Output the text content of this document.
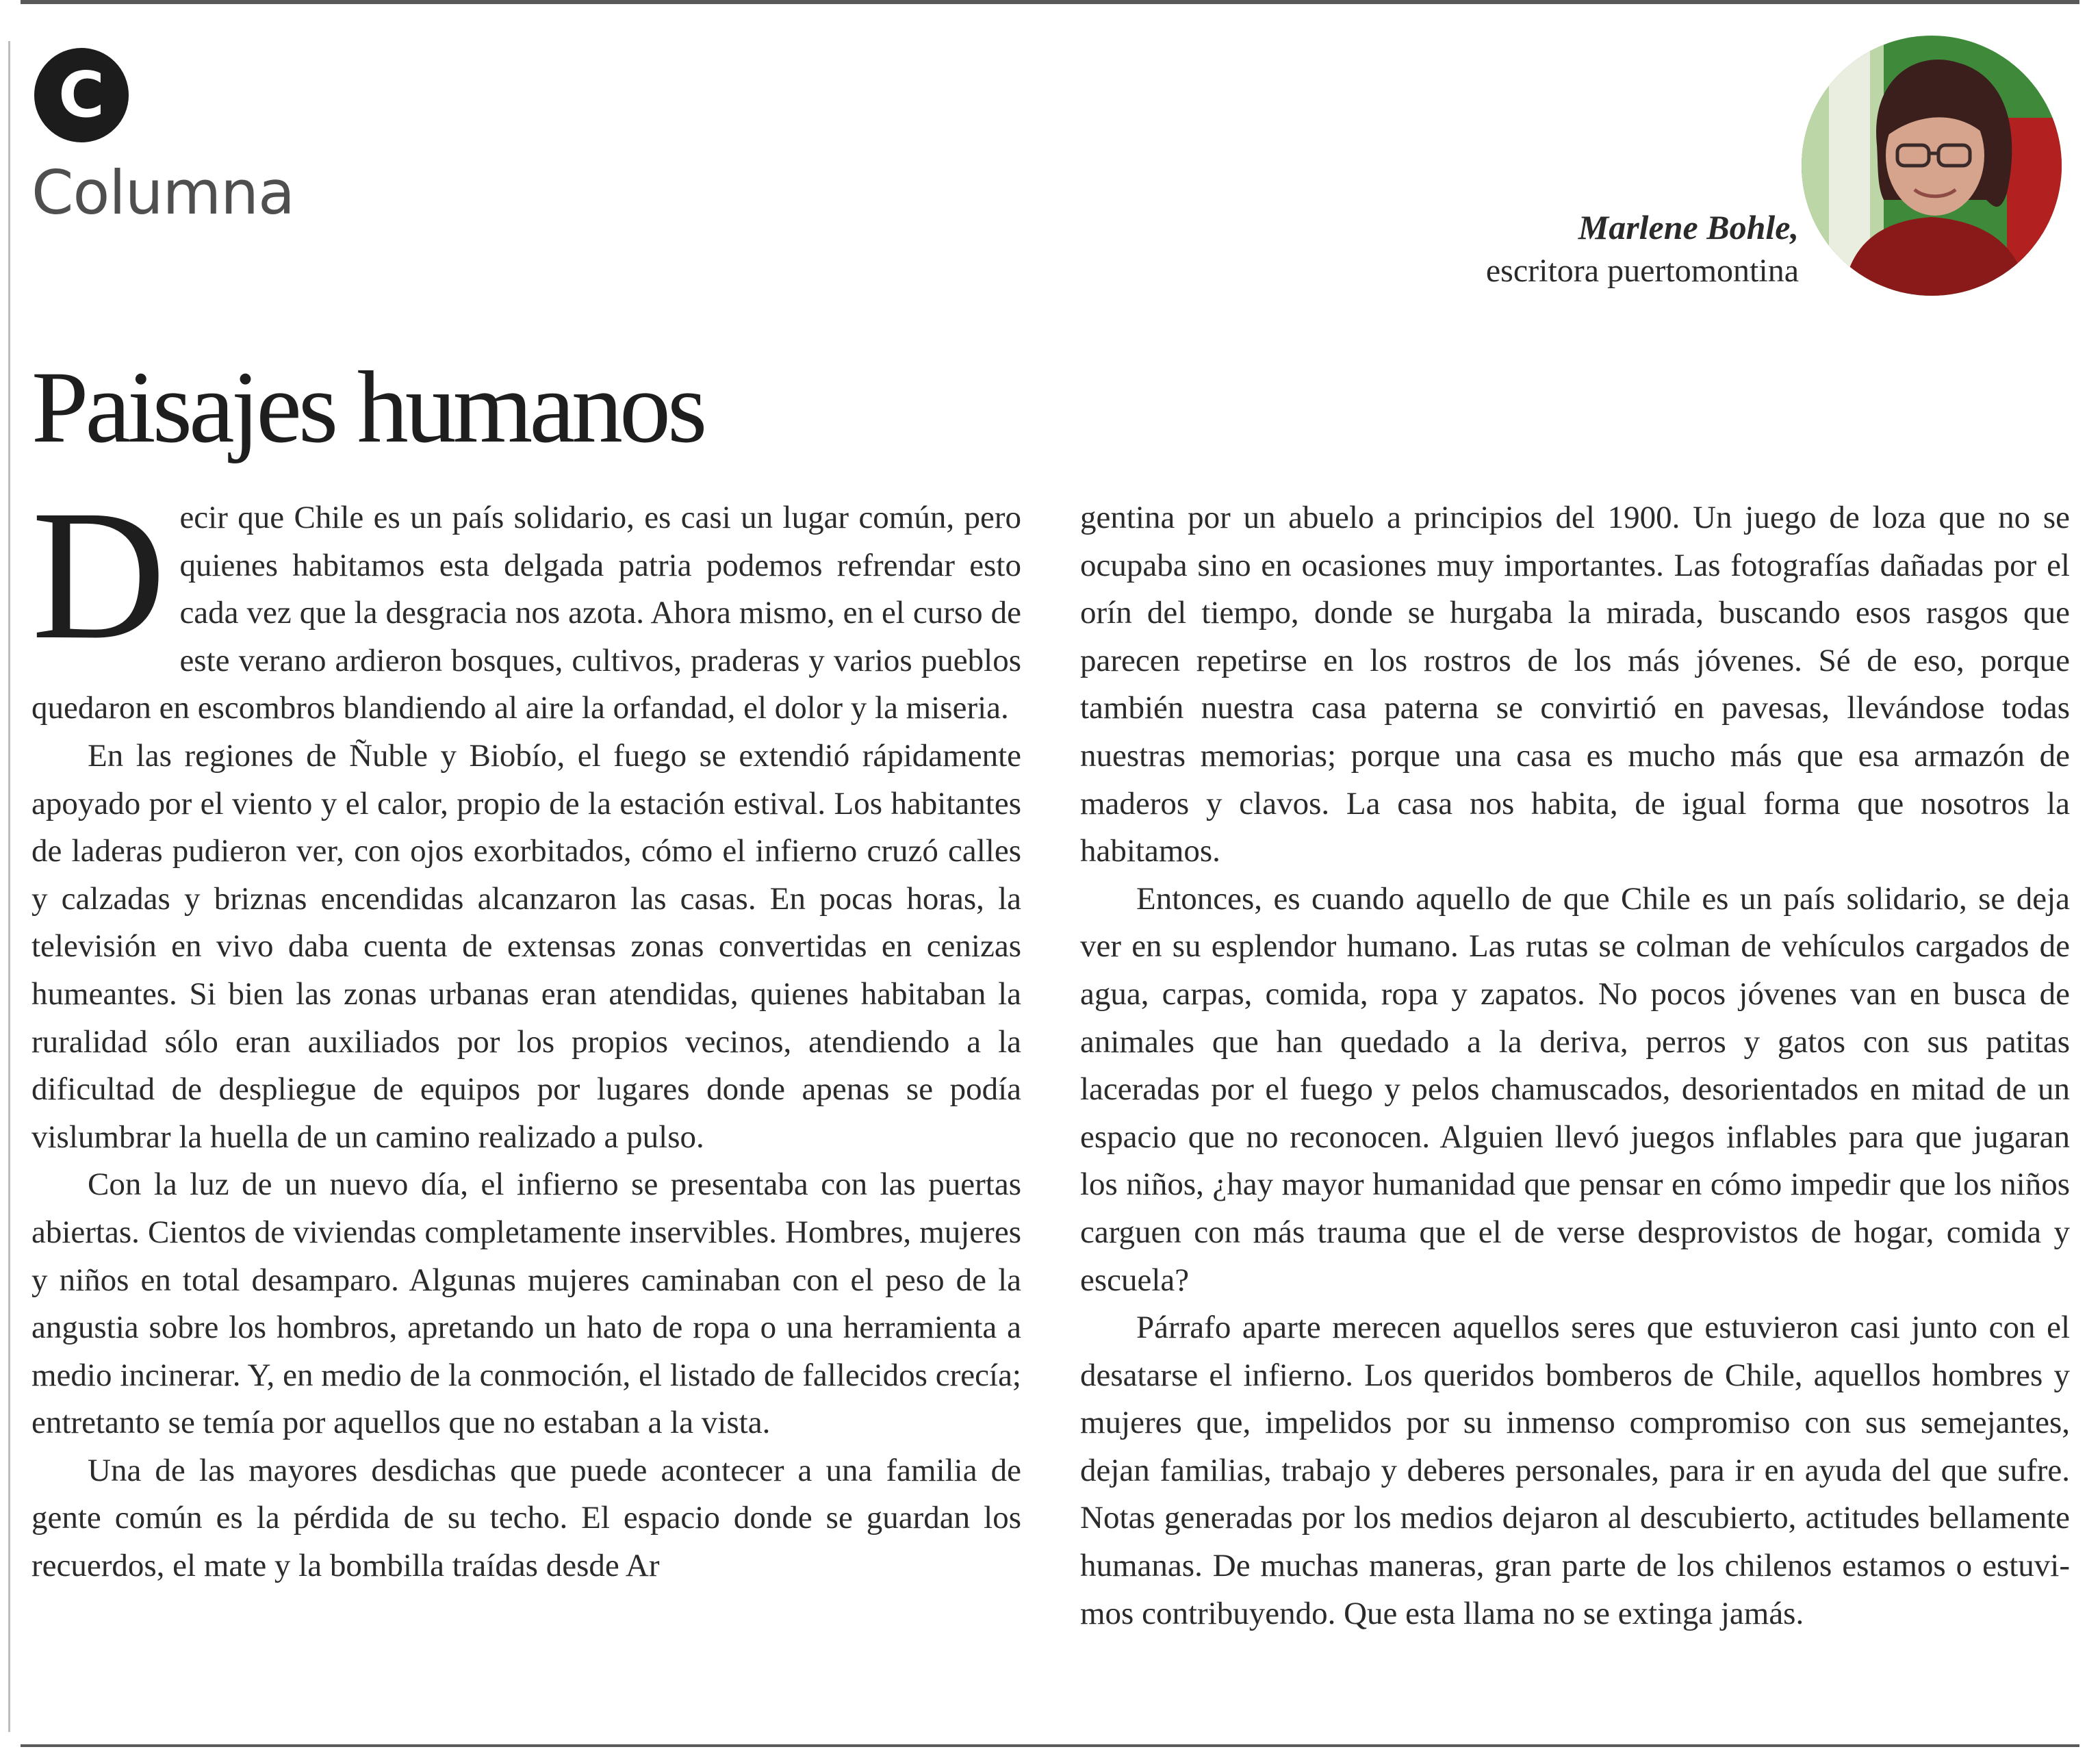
C
Columna	Marlene Bohle,
escritora puertomontina
Paisajes humanos

Decir que Chile es un país solidario, es casi un lugar común, pero quienes habitamos esta delgada patria podemos refrendar esto cada vez que la desgracia nos azota. Ahora mismo, en el curso de este verano ardieron bosques, cultivos, praderas y varios pueblos quedaron en escombros blandiendo al aire la orfandad, el dolor y la miseria.

En las regiones de Ñuble y Biobío, el fuego se extendió rápidamente apoyado por el viento y el calor, propio de la estación estival. Los habitantes de laderas pudieron ver, con ojos exorbitados, cómo el infierno cruzó calles y calzadas y briznas encendidas alcanzaron las casas. En pocas horas, la televisión en vivo daba cuenta de extensas zonas convertidas en cenizas humeantes. Si bien las zonas urbanas eran atendidas, quienes habitaban la ruralidad sólo eran auxiliados por los propios vecinos, atendiendo a la dificultad de despliegue de equipos por lugares donde apenas se podía vislumbrar la huella de un camino realizado a pulso.

Con la luz de un nuevo día, el infierno se presentaba con las puertas abiertas. Cientos de viviendas completamente inservibles. Hombres, mujeres y niños en total desamparo. Algunas mujeres caminaban con el peso de la angustia sobre los hombros, apretando un hato de ropa o una herramienta a medio incinerar. Y, en medio de la conmoción, el listado de fallecidos crecía; entretanto se temía por aquellos que no estaban a la vista.

Una de las mayores desdichas que puede acontecer a una familia de gente común es la pérdida de su techo. El espacio donde se guardan los recuerdos, el mate y la bombilla traídas desde Ar

gentina por un abuelo a principios del 1900. Un juego de loza que no se ocupaba sino en ocasiones muy importantes. Las fotografías dañadas por el orín del tiempo, donde se hurgaba la mirada, buscando esos rasgos que parecen repetirse en los rostros de los más jóvenes. Sé de eso, porque también nuestra casa paterna se convirtió en pavesas, llevándose todas nuestras memorias; porque una casa es mucho más que esa armazón de maderos y clavos. La casa nos habita, de igual forma que nosotros la habitamos.

Entonces, es cuando aquello de que Chile es un país solidario, se deja ver en su esplendor humano. Las rutas se colman de vehículos cargados de agua, carpas, comida, ropa y zapatos. No pocos jóvenes van en busca de animales que han quedado a la deriva, perros y gatos con sus patitas laceradas por el fuego y pelos chamuscados, desorientados en mitad de un espacio que no reconocen. Alguien llevó juegos inflables para que jugaran los niños, ¿hay mayor humanidad que pensar en cómo impedir que los niños carguen con más trauma que el de verse desprovistos de hogar, comida y escuela?

Párrafo aparte merecen aquellos seres que estuvieron casi junto con el desatarse el infierno. Los queridos bomberos de Chile, aquellos hombres y mujeres que, impelidos por su inmenso compromiso con sus semejantes, dejan familias, trabajo y deberes personales, para ir en ayuda del que sufre. Notas generadas por los medios dejaron al descubierto, actitudes bellamente humanas. De muchas maneras, gran parte de los chilenos estamos o estuvimos contribuyendo. Que esta llama no se extinga jamás.
